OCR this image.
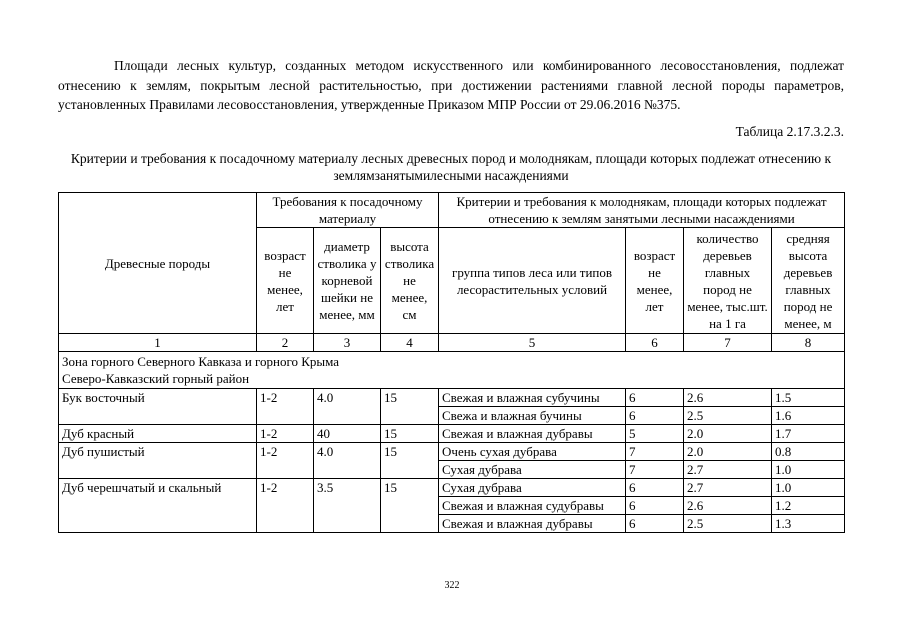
Площади лесных культур, созданных методом искусственного или комбинированного лесовосстановления, подлежат отнесению к землям, покрытым лесной растительностью, при достижении растениями главной лесной породы параметров, установленных Правилами лесовосстановления, утвержденные Приказом МПР России от 29.06.2016 №375.

Таблица 2.17.3.2.3.

Критерии и требования к посадочному материалу лесных древесных пород и молоднякам, площади которых подлежат отнесению к землямзанятымилесными насаждениями

Древесные породы	Требования к посадочному материалу			Критерии и требования к молоднякам, площади которых подлежат отнесению к землям занятыми лесными насаждениями			
	возраст не менее, лет	диаметр стволика у корневой шейки не менее, мм	высота стволика не менее, см	группа типов леса или типов лесорастительных условий	возраст не менее, лет	количество деревьев главных пород не менее, тыс.шт. на 1 га	средняя высота деревьев главных пород не менее, м
1	2	3	4	5	6	7	8

Зона горного Северного Кавказа и горного Крыма
Северо-Кавказский горный район							

Бук восточный	1-2	4.0	15	Свежая и влажная субучины	6	2.6	1.5
				Свежа и влажная бучины	6	2.5	1.6
Дуб красный	1-2	40	15	Свежая и влажная дубравы	5	2.0	1.7
Дуб пушистый	1-2	4.0	15	Очень сухая дубрава	7	2.0	0.8
				Сухая дубрава	7	2.7	1.0
Дуб черешчатый и скальный	1-2	3.5	15	Сухая дубрава	6	2.7	1.0
				Свежая и влажная судубравы	6	2.6	1.2
				Свежая и влажная дубравы	6	2.5	1.3

322
